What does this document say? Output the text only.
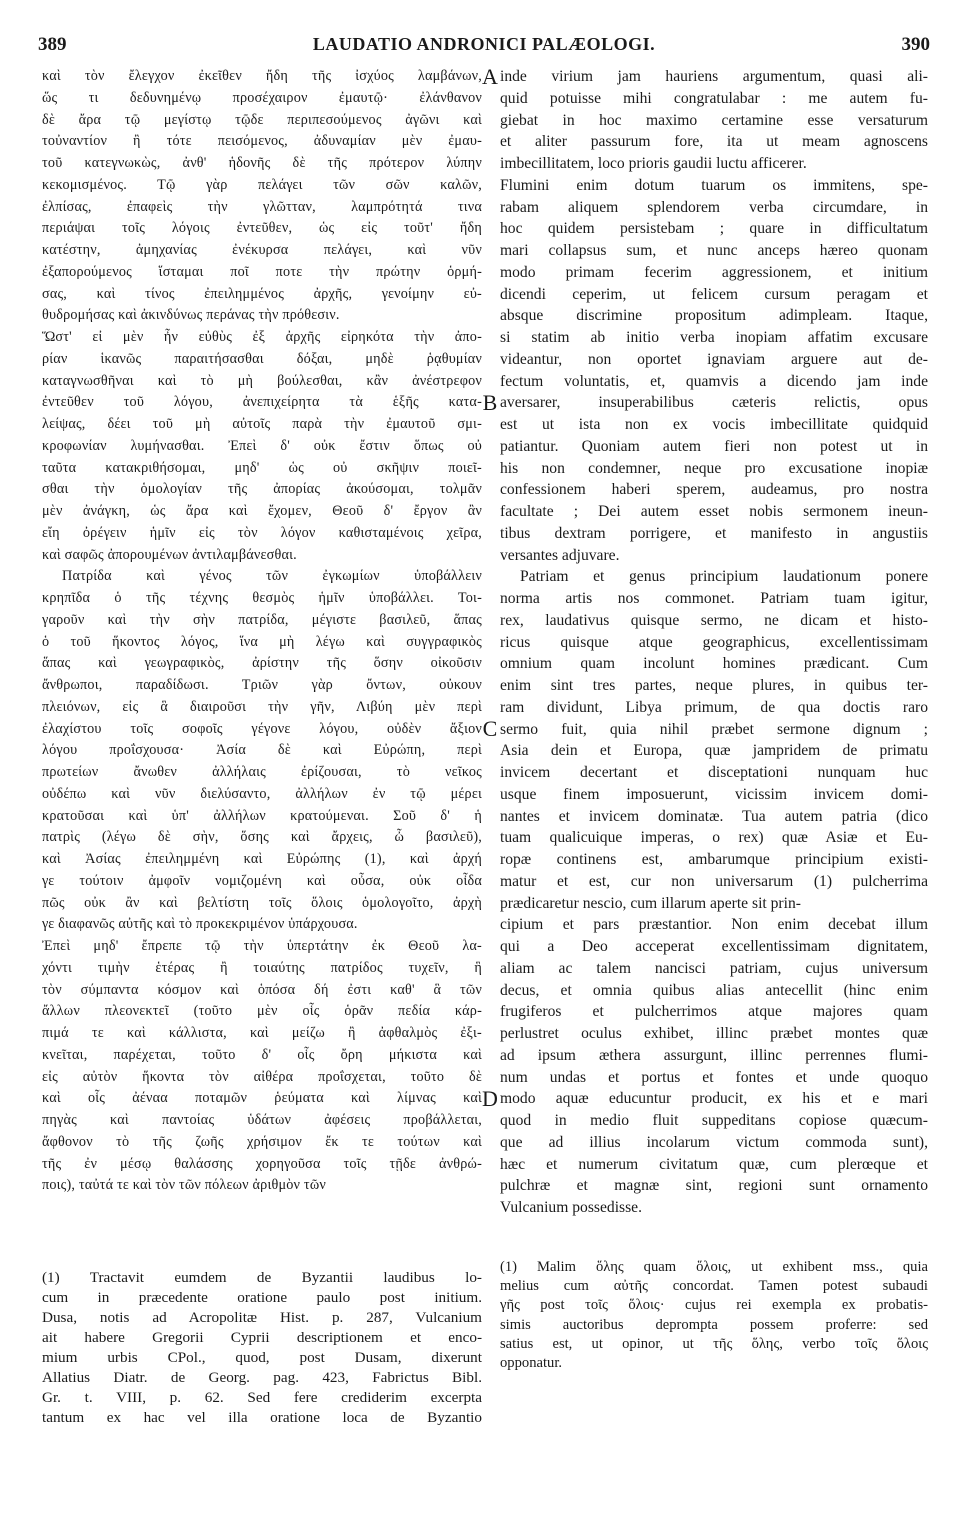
389	LAUDATIO ANDRONICI PALÆOLOGI.	390
καὶ τὸν ἔλεγχον ἐκεῖθεν ἤδη τῆς ἰσχύος λαμβάνων,
ὥς τι δεδυνημένῳ προσέχαιρον ἐμαυτῷ· ἐλάνθανον
δὲ ἄρα τῷ μεγίστῳ τῷδε περιπεσούμενος ἀγῶνι καὶ
τοὐναντίον ἢ τότε πεισόμενος, ἀδυναμίαν μὲν ἐμαυ-
τοῦ κατεγνωκὼς, ἀνθ' ἡδονῆς δὲ τῆς πρότερον λύπην
κεκομισμένος. Τῷ γὰρ πελάγει τῶν σῶν καλῶν,
ἐλπίσας, ἐπαφεὶς τὴν γλῶτταν, λαμπρότητά τινα
περιάψαι τοῖς λόγοις ἐντεῦθεν, ὡς εἰς τοῦτ' ἤδη
κατέστην, ἀμηχανίας ἐνέκυρσα πελάγει, καὶ νῦν
ἐξαπορούμενος ἵσταμαι ποῖ ποτε τὴν πρώτην ὁρμή-
σας, καὶ τίνος ἐπειλημμένος ἀρχῆς, γενοίμην εὐ-
θυδρομήσας καὶ ἀκινδύνως περάνας τὴν πρόθεσιν.
Ὥστ' εἰ μὲν ἦν εὐθὺς ἐξ ἀρχῆς εἰρηκότα τὴν ἀπο-
ρίαν ἱκανῶς παραιτήσασθαι δόξαι, μηδὲ ῥᾳθυμίαν
καταγνωσθῆναι καὶ τὸ μὴ βούλεσθαι, κἂν ἀνέστρεφον
ἐντεῦθεν τοῦ λόγου, ἀνεπιχείρητα τὰ ἑξῆς κατα-
λείψας, δέει τοῦ μὴ αὐτοῖς παρὰ τὴν ἐμαυτοῦ σμι-
κροφωνίαν λυμήνασθαι. Ἐπεὶ δ' οὐκ ἔστιν ὅπως οὐ
ταῦτα κατακριθήσομαι, μηδ' ὡς οὐ σκῆψιν ποιεῖ-
σθαι τὴν ὁμολογίαν τῆς ἀπορίας ἀκούσομαι, τολμᾶν
μὲν ἀνάγκη, ὡς ἄρα καὶ ἔχομεν, Θεοῦ δ' ἔργον ἂν
εἴη ὀρέγειν ἡμῖν εἰς τὸν λόγον καθισταμένοις χεῖρα,
καὶ σαφῶς ἀπορουμένων ἀντιλαμβάνεσθαι.
Πατρίδα καὶ γένος τῶν ἐγκωμίων ὑποβάλλειν
κρηπῖδα ὁ τῆς τέχνης θεσμὸς ἡμῖν ὑποβάλλει. Τοι-
γαροῦν καὶ τὴν σὴν πατρίδα, μέγιστε βασιλεῦ, ἅπας
ὁ τοῦ ἥκοντος λόγος, ἵνα μὴ λέγω καὶ συγγραφικὸς
ἅπας καὶ γεωγραφικὸς, ἀρίστην τῆς ὅσην οἰκοῦσιν
ἄνθρωποι, παραδίδωσι. Τριῶν γὰρ ὄντων, οὐκουν
πλειόνων, εἰς ἃ διαιροῦσι τὴν γῆν, Λιβύη μὲν περὶ
ἐλαχίστου τοῖς σοφοῖς γέγονε λόγου, οὐδὲν ἄξιον
λόγου προΐσχουσα· Ἀσία δὲ καὶ Εὐρώπη, περὶ
πρωτείων ἄνωθεν ἀλλήλαις ἐρίζουσαι, τὸ νεῖκος
οὐδέπω καὶ νῦν διελύσαντο, ἀλλήλων ἐν τῷ μέρει
κρατοῦσαι καὶ ὑπ' ἀλλήλων κρατούμεναι. Σοῦ δ' ἡ
πατρὶς (λέγω δὲ σὴν, ὅσης καὶ ἄρχεις, ὦ βασιλεῦ),
καὶ Ἀσίας ἐπειλημμένη καὶ Εὐρώπης (1), καὶ ἀρχή
γε τούτοιν ἀμφοῖν νομιζομένη καὶ οὖσα, οὐκ οἶδα
πῶς οὐκ ἂν καὶ βελτίστη τοῖς ὅλοις ὁμολογοῖτο, ἀρχὴ
γε διαφανῶς αὐτῆς καὶ τὸ προκεκριμένον ὑπάρχουσα.
Ἐπεὶ μηδ' ἔπρεπε τῷ τὴν ὑπερτάτην ἐκ Θεοῦ λα-
χόντι τιμὴν ἑτέρας ἢ τοιαύτης πατρίδος τυχεῖν, ἣ
τὸν σύμπαντα κόσμον καὶ ὁπόσα δή ἐστι καθ' ἃ τῶν
ἄλλων πλεονεκτεῖ (τοῦτο μὲν οἷς ὁρᾶν πεδία κάρ-
πιμά τε καὶ κάλλιστα, καὶ μείζω ἢ ἀφθαλμὸς ἐξι-
κνεῖται, παρέχεται, τοῦτο δ' οἷς ὄρη μήκιστα καὶ
εἰς αὐτὸν ἥκοντα τὸν αἰθέρα προΐσχεται, τοῦτο δὲ
καὶ οἷς ἀέναα ποταμῶν ῥεύματα καὶ λίμνας καὶ
πηγὰς καὶ παντοίας ὑδάτων ἀφέσεις προβάλλεται,
ἄφθονον τὸ τῆς ζωῆς χρήσιμον ἔκ τε τούτων καὶ
τῆς ἐν μέσῳ θαλάσσης χορηγοῦσα τοῖς τῇδε ἀνθρώ-
ποις), ταὐτά τε καὶ τὸν τῶν πόλεων ἀριθμὸν τῶν
inde virium jam hauriens argumentum, quasi ali-
quid potuisse mihi congratulabar : me autem fu-
giebat in hoc maximo certamine esse versaturum
et aliter passurum fore, ita ut meam agnoscens
imbecillitatem, loco prioris gaudii luctu afficerer.
Flumini enim dotum tuarum os immitens, spe-
rabam aliquem splendorem verba circumdare, in
hoc quidem persistebam ; quare in difficultatum
mari collapsus sum, et nunc anceps hæreo quonam
modo primam fecerim aggressionem, et initium
dicendi ceperim, ut felicem cursum peragam et
absque discrimine propositum adimpleam. Itaque,
si statim ab initio verba inopiam affatim excusare
videantur, non oportet ignaviam arguere aut de-
fectum voluntatis, et, quamvis a dicendo jam inde
aversarer, insuperabilibus cæteris relictis, opus
est ut ista non ex vocis imbecillitate quidquid
patiantur. Quoniam autem fieri non potest ut in
his non condemner, neque pro excusatione inopiæ
confessionem haberi sperem, audeamus, pro nostra
facultate ; Dei autem esset nobis sermonem ineun-
tibus dextram porrigere, et manifesto in angustiis
versantes adjuvare.
Patriam et genus principium laudationum ponere
norma artis nos commonet. Patriam tuam igitur,
rex, laudativus quisque sermo, ne dicam et histo-
ricus quisque atque geographicus, excellentissimam
omnium quam incolunt homines prædicant. Cum
enim sint tres partes, neque plures, in quibus ter-
ram dividunt, Libya primum, de qua doctis raro
sermo fuit, quia nihil præbet sermone dignum ;
Asia dein et Europa, quæ jampridem de primatu
invicem decertant et disceptationi nunquam huc
usque finem imposuerunt, vicissim invicem domi-
nantes et invicem dominatæ. Tua autem patria (dico
tuam qualicuique imperas, o rex) quæ Asiæ et Eu-
ropæ continens est, ambarumque principium existi-
matur et est, cur non universarum (1) pulcherrima
prædicaretur nescio, cum illarum aperte sit prin-
cipium et pars præstantior. Non enim decebat illum
qui a Deo acceperat excellentissimam dignitatem,
aliam ac talem nancisci patriam, cujus universum
decus, et omnia quibus alias antecellit (hinc enim
frugiferos et pulcherrimos atque majores quam
perlustret oculus exhibet, illinc præbet montes quæ
ad ipsum æthera assurgunt, illinc perrennes flumi-
num undas et portus et fontes et unde quoquo
modo aquæ educuntur producit, ex his et e mari
quod in medio fluit suppeditans copiose quæcum-
que ad illius incolarum victum commoda sunt),
hæc et numerum civitatum quæ, cum plerœque et
pulchræ et magnæ sint, regioni sunt ornamento
Vulcanium possedisse.
A
B
C
D
(1) Tractavit eumdem de Byzantii laudibus lo-
cum in præcedente oratione paulo post initium.
Dusa, notis ad Acropolitæ Hist. p. 287, Vulcanium
ait habere Gregorii Cyprii descriptionem et enco-
mium urbis CPol., quod, post Dusam, dixerunt
Allatius Diatr. de Georg. pag. 423, Fabrictus Bibl.
Gr. t. VIII, p. 62. Sed fere crediderim excerpta
tantum ex hac vel illa oratione loca de Byzantio
(1) Malim ὅλης quam ὅλοις, ut exhibent mss., quia
melius cum αὐτῆς concordat. Tamen potest subaudi
γῆς post τοῖς ὅλοις· cujus rei exempla ex probatis-
simis auctoribus deprompta possem proferre: sed
satius est, ut opinor, ut τῆς ὅλης, verbo τοῖς ὅλοις
opponatur.
